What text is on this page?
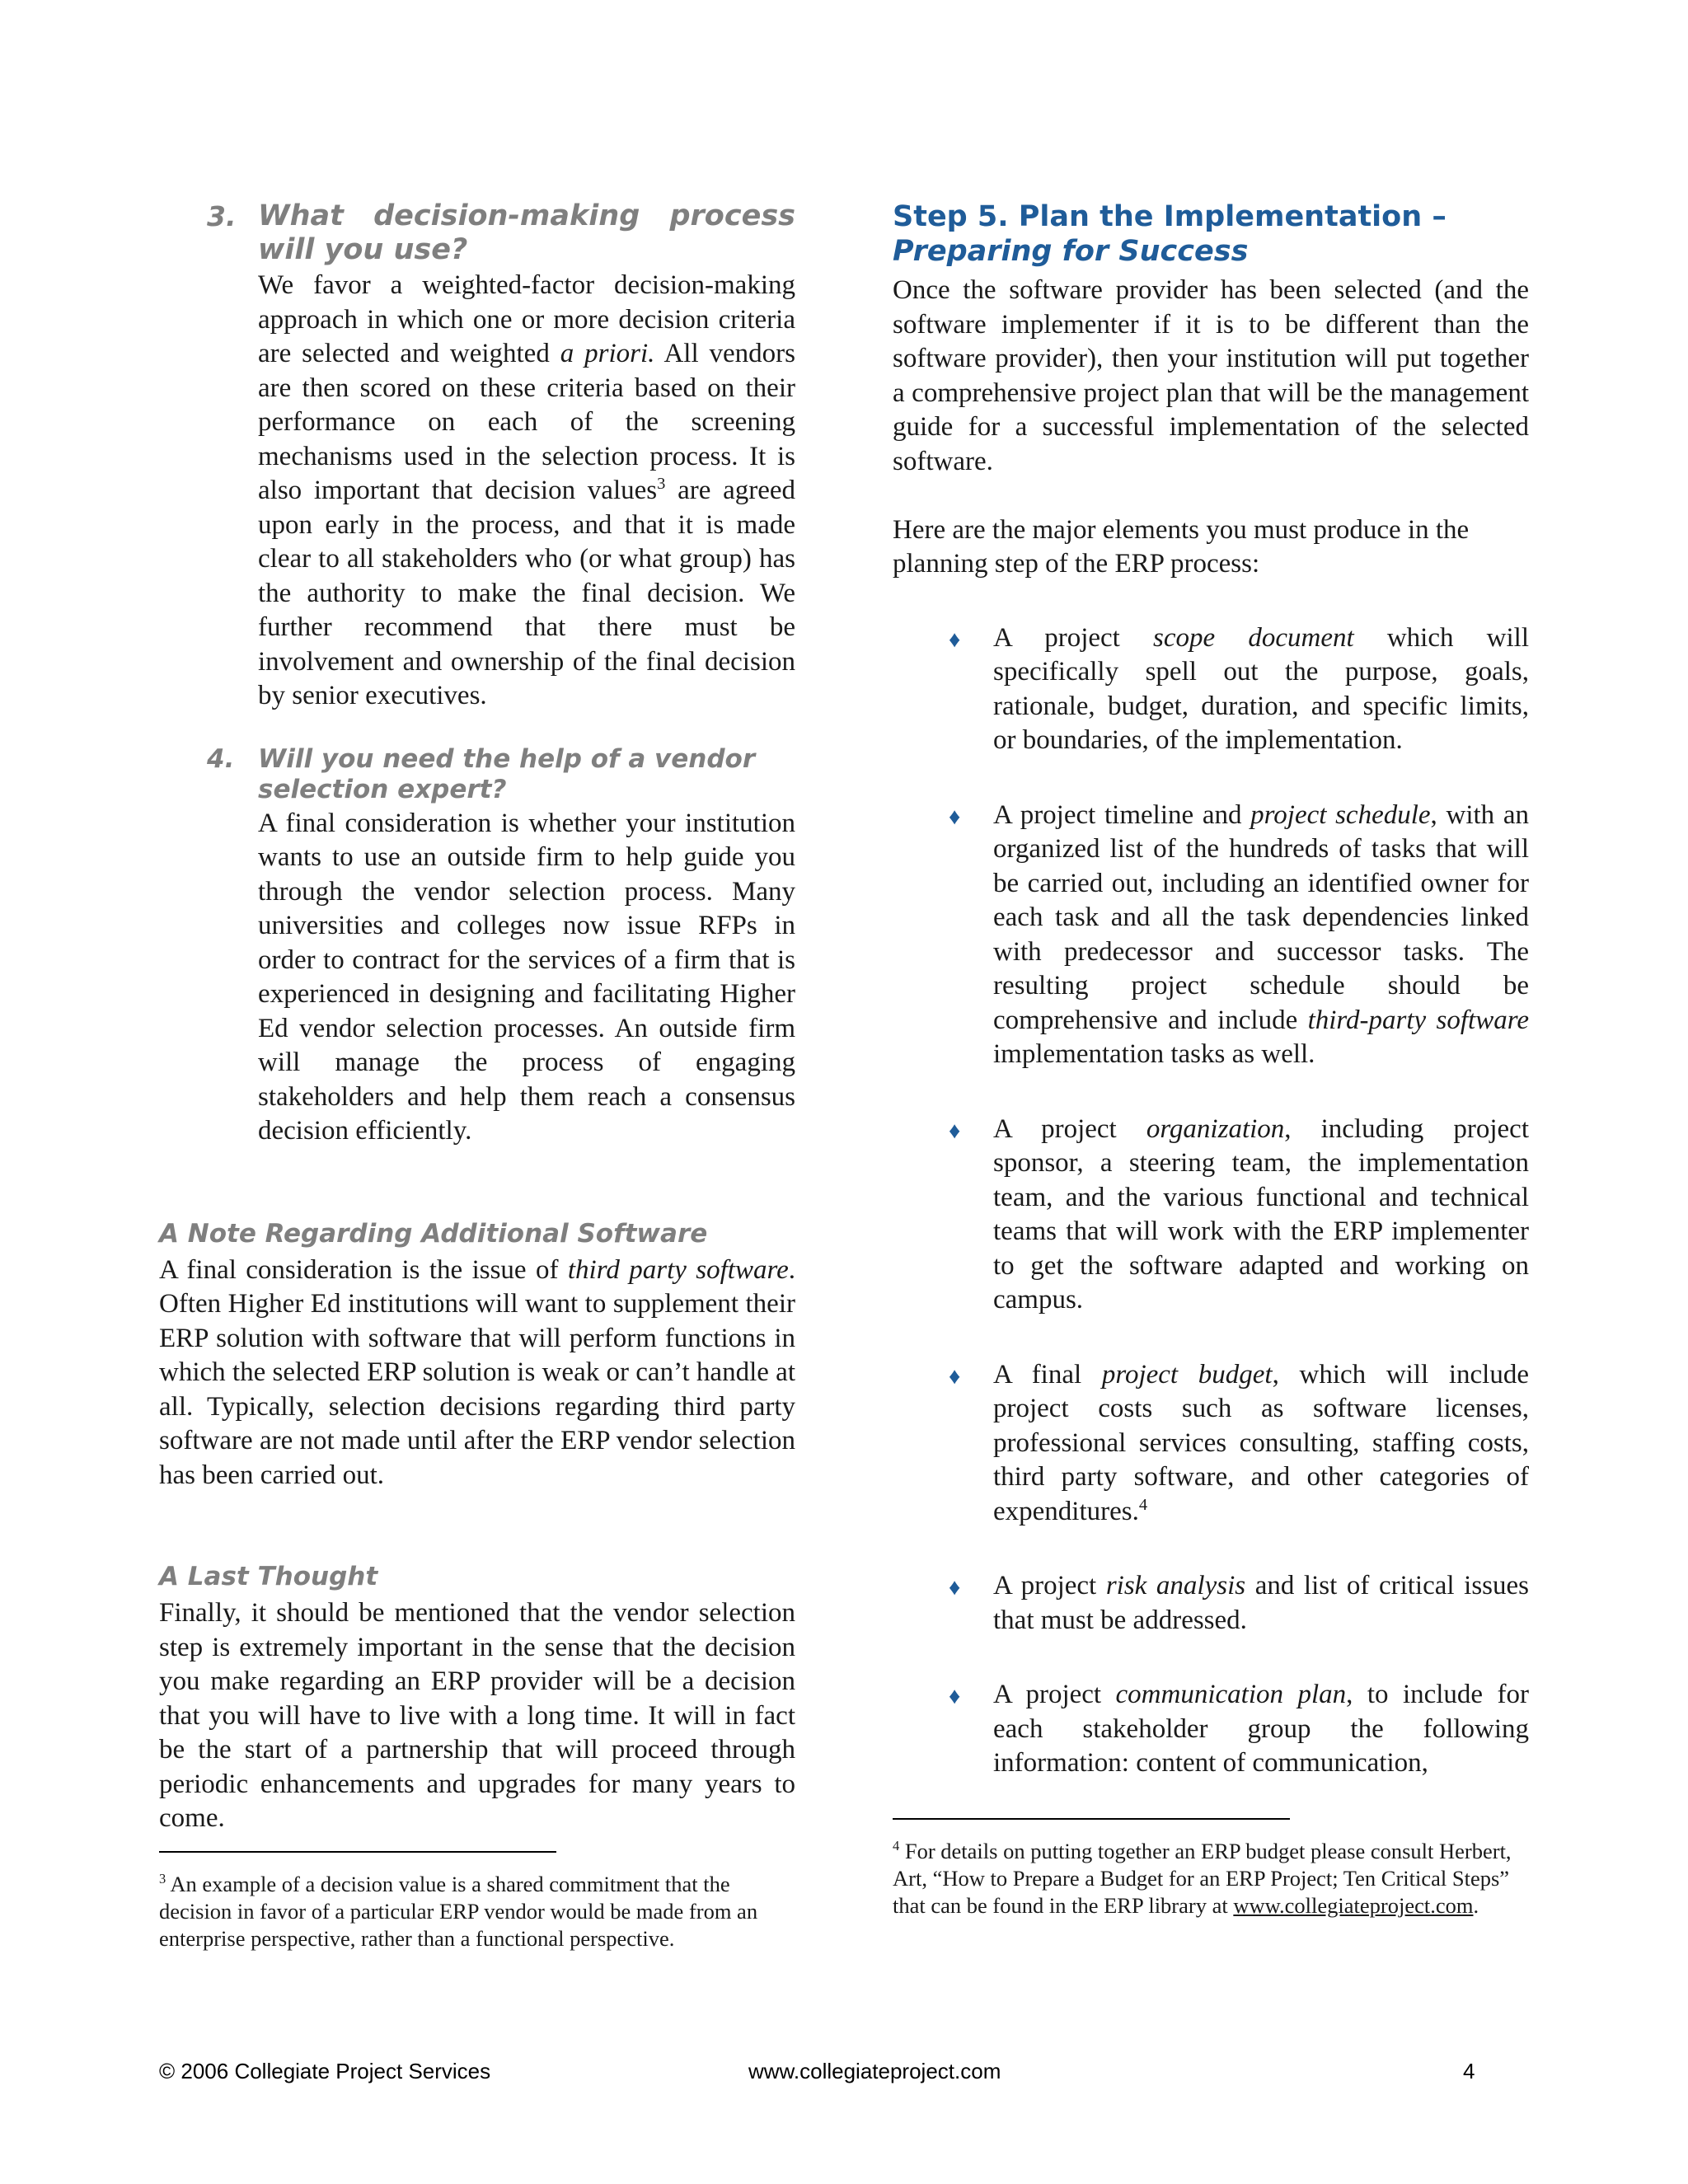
3. What decision-making process
will you use?

We favor a weighted-factor decision-making approach in which one or more decision criteria are selected and weighted a priori. All vendors are then scored on these criteria based on their performance on each of the screening mechanisms used in the selection process. It is also important that decision values$^3$ are agreed upon early in the process, and that it is made clear to all stakeholders who (or what group) has the authority to make the final decision. We further recommend that there must be involvement and ownership of the final decision by senior executives.

4. Will you need the help of a vendor
selection expert?

A final consideration is whether your institution wants to use an outside firm to help guide you through the vendor selection process. Many universities and colleges now issue RFPs in order to contract for the services of a firm that is experienced in designing and facilitating Higher Ed vendor selection processes. An outside firm will manage the process of engaging stakeholders and help them reach a consensus decision efficiently.

A Note Regarding Additional Software

A final consideration is the issue of third party software. Often Higher Ed institutions will want to supplement their ERP solution with software that will perform functions in which the selected ERP solution is weak or can’t handle at all. Typically, selection decisions regarding third party software are not made until after the ERP vendor selection has been carried out.

A Last Thought

Finally, it should be mentioned that the vendor selection step is extremely important in the sense that the decision you make regarding an ERP provider will be a decision that you will have to live with a long time. It will in fact be the start of a partnership that will proceed through periodic enhancements and upgrades for many years to come.

$^3$ An example of a decision value is a shared commitment that the decision in favor of a particular ERP vendor would be made from an enterprise perspective, rather than a functional perspective.

Step 5. Plan the Implementation –
Preparing for Success

Once the software provider has been selected (and the software implementer if it is to be different than the software provider), then your institution will put together a comprehensive project plan that will be the management guide for a successful implementation of the selected software.

Here are the major elements you must produce in the planning step of the ERP process:

♦ A project scope document which will specifically spell out the purpose, goals, rationale, budget, duration, and specific limits, or boundaries, of the implementation.

♦ A project timeline and project schedule, with an organized list of the hundreds of tasks that will be carried out, including an identified owner for each task and all the task dependencies linked with predecessor and successor tasks. The resulting project schedule should be comprehensive and include third-party software implementation tasks as well.

♦ A project organization, including project sponsor, a steering team, the implementation team, and the various functional and technical teams that will work with the ERP implementer to get the software adapted and working on campus.

♦ A final project budget, which will include project costs such as software licenses, professional services consulting, staffing costs, third party software, and other categories of expenditures.$^4$

♦ A project risk analysis and list of critical issues that must be addressed.

♦ A project communication plan, to include for each stakeholder group the following information: content of communication,

$^4$ For details on putting together an ERP budget please consult Herbert, Art, “How to Prepare a Budget for an ERP Project; Ten Critical Steps” that can be found in the ERP library at www.collegiateproject.com.

© 2006 Collegiate Project Services	www.collegiateproject.com	4
